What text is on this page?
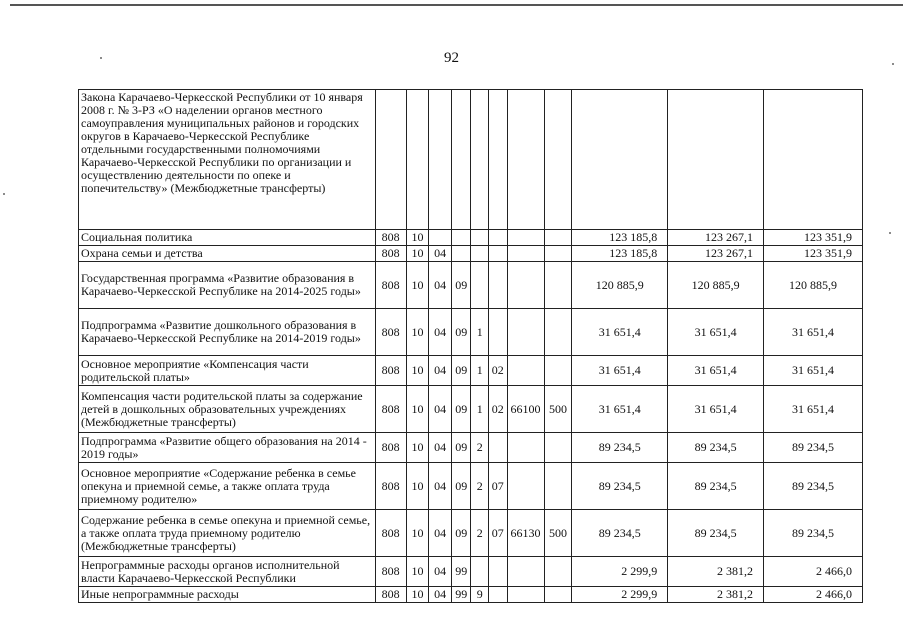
92
Закона Карачаево-Черкесской Республики от 10 января 2008 г. № 3-РЗ «О наделении органов местного самоуправления муниципальных районов и городских округов в Карачаево-Черкесской Республике отдельными государственными полномочиями Карачаево-Черкесской Республики по организации и осуществлению деятельности по опеке и попечительству» (Межбюджетные трансферты)											
Социальная политика	808	10							123 185,8	123 267,1	123 351,9
Охрана семьи и детства	808	10	04						123 185,8	123 267,1	123 351,9
Государственная программа «Развитие образования в Карачаево-Черкесской Республике на 2014-2025 годы»	808	10	04	09					120 885,9	120 885,9	120 885,9
Подпрограмма «Развитие дошкольного образования в Карачаево-Черкесской Республике на 2014-2019 годы»	808	10	04	09	1				31 651,4	31 651,4	31 651,4
Основное мероприятие «Компенсация части родительской платы»	808	10	04	09	1	02			31 651,4	31 651,4	31 651,4
Компенсация части родительской платы за содержание детей в дошкольных образовательных учреждениях (Межбюджетные трансферты)	808	10	04	09	1	02	66100	500	31 651,4	31 651,4	31 651,4
Подпрограмма «Развитие общего образования на 2014 - 2019 годы»	808	10	04	09	2				89 234,5	89 234,5	89 234,5
Основное мероприятие «Содержание ребенка в семье опекуна и приемной семье, а также оплата труда приемному родителю»	808	10	04	09	2	07			89 234,5	89 234,5	89 234,5
Содержание ребенка в семье опекуна и приемной семье, а также оплата труда приемному родителю (Межбюджетные трансферты)	808	10	04	09	2	07	66130	500	89 234,5	89 234,5	89 234,5
Непрограммные расходы органов исполнительной власти Карачаево-Черкесской Республики	808	10	04	99					2 299,9	2 381,2	2 466,0
Иные непрограммные расходы	808	10	04	99	9				2 299,9	2 381,2	2 466,0
